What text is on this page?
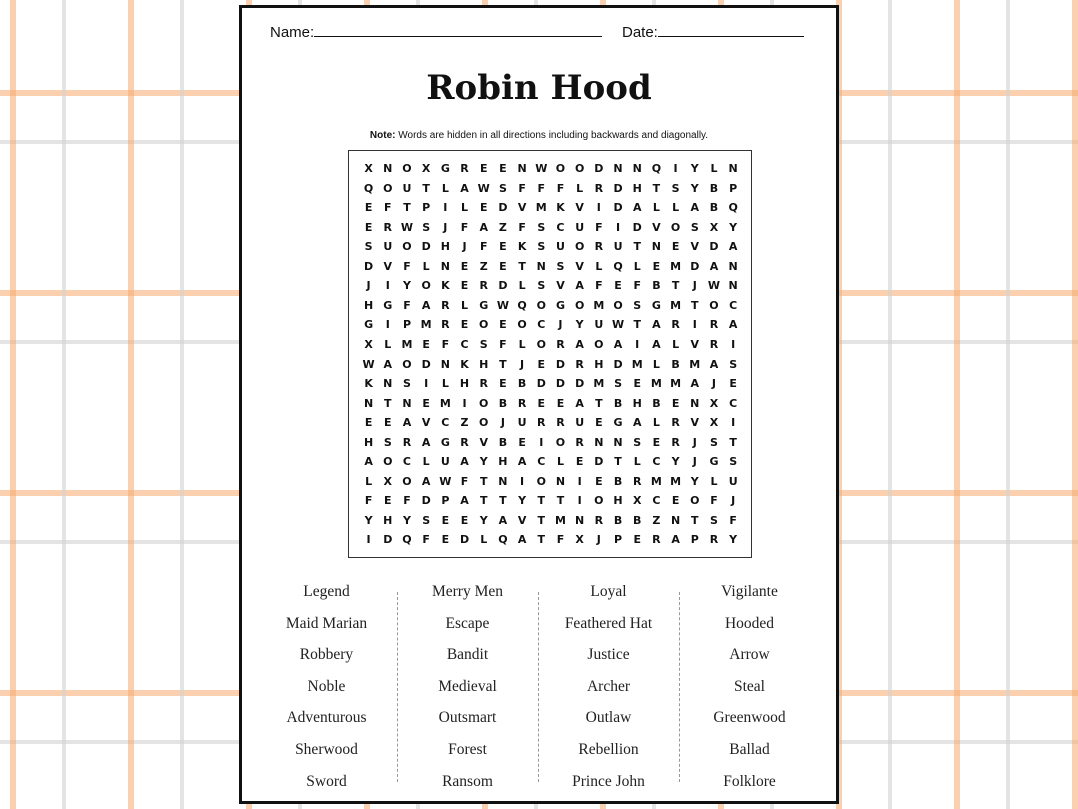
Name:	Date:
Robin Hood
Note: Words are hidden in all directions including backwards and diagonally.
X N O X G R	E	E N W O O D N N Q	I	Y	L	N
Q O U T	L	A W S	F	F	F	L	R D H T	S	Y	B P
E	F	T	P	I	L	E D V M K V	I	D A	L	L	A B Q
E	R W S	J	F	A Z	F	S	C U F	I	D V O S X Y
S U O D H	J	F	E	K S U O R U T N E	V D A
D V	F	L	N E	Z	E	T N S V	L	Q	L	E M D A N
J	I	Y O K	E	R D	L	S V A	F	E	F	B	T	J	W N
H G F	A R	L	G W Q O G O M O S G M T O C
G	I	P M R	E O E O C	J	Y U W T	A R	I	R A
X	L M E	F	C	S	F	L	O R A O A	I	A	L	V R	I
W A O D N K H T	J	E D R H D M L	B M A S
K N S	I	L	H R	E	B D D D M S	E M M A	J	E
N T N E M	I	O B R	E	E	A	T	B H B	E N X C
E	E	A V C	Z O	J	U R R U E G A	L	R V X	I
H S R A G R V B	E	I	O R N N S	E	R	J	S	T
A O C	L	U A Y H A C	L	E D T	L	C	Y	J	G S
L	X O A W F	T N	I	O N	I	E	B R M M Y	L	U
F	E	F D P A	T	T	Y	T	T	I	O H X C	E O F	J
Y H Y	S	E	E	Y A V	T M N R B B	Z N T	S	F
I	D Q F	E D	L	Q A	T	F	X	J	P	E	R A P R Y
Legend
Maid Marian
Robbery
Noble
Adventurous
Sherwood
Sword
Merry Men
Escape
Bandit
Medieval
Outsmart
Forest
Ransom
Loyal
Feathered Hat
Justice
Archer
Outlaw
Rebellion
Prince John
Vigilante
Hooded
Arrow
Steal
Greenwood
Ballad
Folklore
